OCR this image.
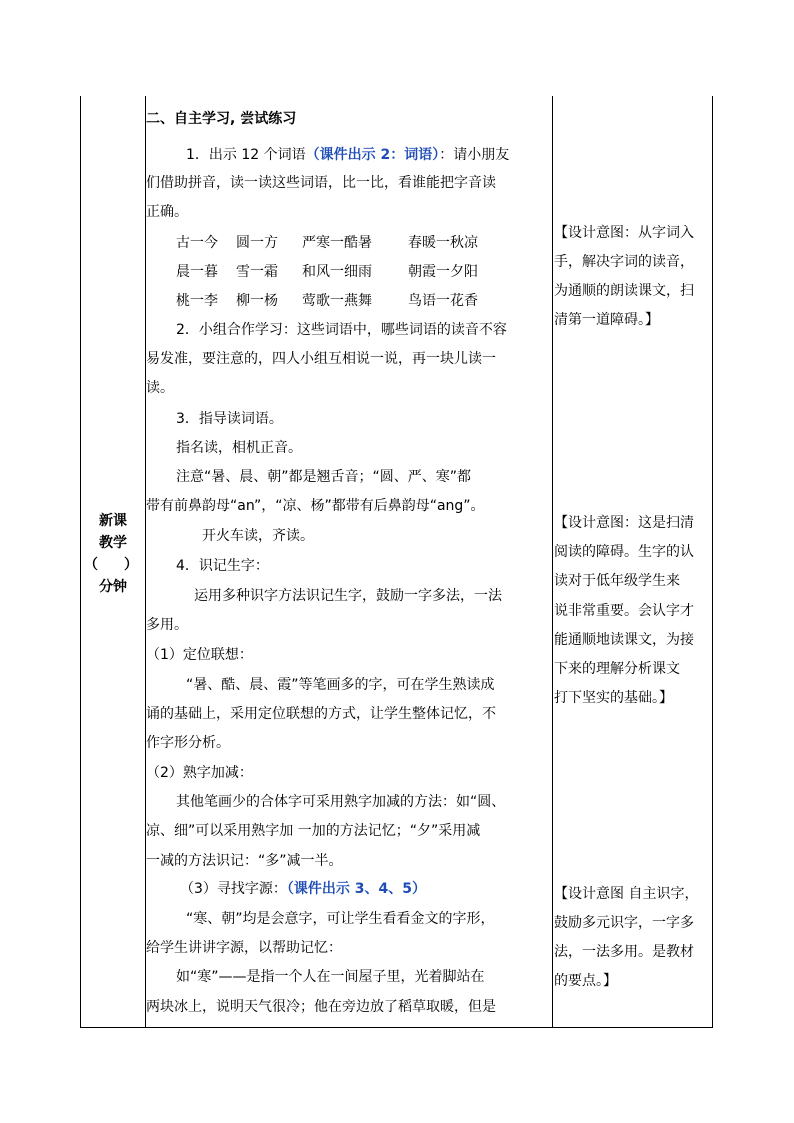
新课
教学
（ ）
分钟

二、自主学习, 尝试练习

1．出示 12 个词语（课件出示 2：词语）：请小朋友

们借助拼音，读一读这些词语，比一比，看谁能把字音读

正确。

古一今 圆一方 严寒一酷暑	春暖一秋凉

晨一暮 雪一霜 和风一细雨	朝霞一夕阳

桃一李 柳一杨 莺歌一燕舞	鸟语一花香

2．小组合作学习：这些词语中，哪些词语的读音不容

易发准，要注意的，四人小组互相说一说，再一块儿读一

读。

3．指导读词语。

指名读，相机正音。

注意“暑、晨、朝”都是翘舌音；“圆、严、寒”都

带有前鼻韵母“an”，“凉、杨”都带有后鼻韵母“ang”。

开火车读，齐读。

4．识记生字：

运用多种识字方法识记生字，鼓励一字多法，一法

多用。

（1）定位联想：

“暑、酷、晨、霞”等笔画多的字，可在学生熟读成

诵的基础上，采用定位联想的方式，让学生整体记忆，不

作字形分析。

（2）熟字加减：

其他笔画少的合体字可采用熟字加减的方法：如“圆、

凉、细”可以采用熟字加 一加的方法记忆；“夕”采用减

一减的方法识记：“多”减一半。

（3）寻找字源：（课件出示 3、4、5）

“寒、朝”均是会意字，可让学生看看金文的字形，

给学生讲讲字源，以帮助记忆：

如“寒”——是指一个人在一间屋子里，光着脚站在

两块冰上，说明天气很冷；他在旁边放了稻草取暖，但是

【设计意图：从字词入

手，解决字词的读音，

为通顺的朗读课文，扫

清第一道障碍。】

【设计意图：这是扫清

阅读的障碍。生字的认

读对于低年级学生来

说非常重要。会认字才

能通顺地读课文，为接

下来的理解分析课文

打下坚实的基础。】

【设计意图 自主识字，

鼓励多元识字，一字多

法，一法多用。是教材

的要点。】
